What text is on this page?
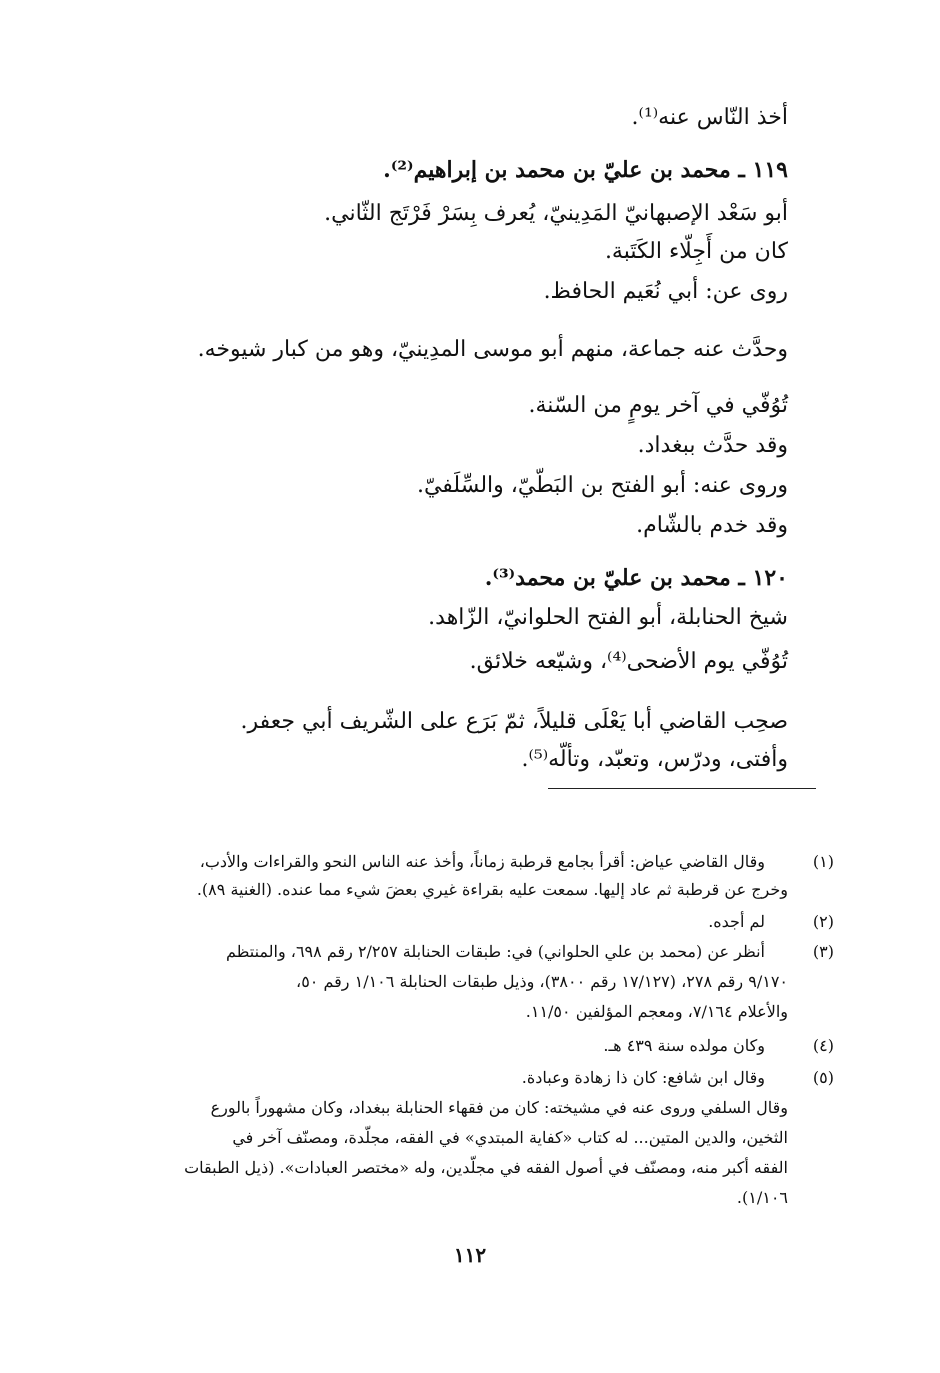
أخذ النّاس عنه⁽¹⁾.
١١٩ ـ محمد بن عليّ بن محمد بن إبراهيم⁽²⁾.
أبو سَعْد الإصبهانيّ المَدِينيّ، يُعرف بِسَرْ فَرْتَج الثّاني.
كان من أَجِلّاء الكَتَبة.
روى عن: أبي نُعَيم الحافظ.
وحدَّث عنه جماعة، منهم أبو موسى المدِينيّ، وهو من كبار شيوخه.
تُوُفّي في آخر يومٍ من السّنة.
وقد حدَّث ببغداد.
وروى عنه: أبو الفتح بن البَطّيّ، والسِّلَفيّ.
وقد خدم بالشّام.
١٢٠ ـ محمد بن عليّ بن محمد⁽³⁾.
شيخ الحنابلة، أبو الفتح الحلوانيّ، الزّاهد.
تُوُفّي يوم الأضحى⁽⁴⁾، وشيّعه خلائق.
صحِب القاضي أبا يَعْلَى قليلاً، ثمّ بَرَع على الشّريف أبي جعفر.
وأفتى، ودرّس، وتعبّد، وتألّه⁽⁵⁾.
(١)
وقال القاضي عياض: أقرأ بجامع قرطبة زماناً، وأخذ عنه الناس النحو والقراءات والأدب،
وخرج عن قرطبة ثم عاد إليها. سمعت عليه بقراءة غيري بعضَ شيء مما عنده. (الغنية ٨٩).
(٢)
لم أجده.
(٣)
أنظر عن (محمد بن علي الحلواني) في: طبقات الحنابلة ٢/٢٥٧ رقم ٦٩٨، والمنتظم
٩/١٧٠ رقم ٢٧٨، (١٧/١٢٧ رقم ٣٨٠٠)، وذيل طبقات الحنابلة ١/١٠٦ رقم ٥٠،
والأعلام ٧/١٦٤، ومعجم المؤلفين ١١/٥٠.
(٤)
وكان مولده سنة ٤٣٩ هـ.
(٥)
وقال ابن شافع: كان ذا زهادة وعبادة.
وقال السلفي وروى عنه في مشيخته: كان من فقهاء الحنابلة ببغداد، وكان مشهوراً بالورع
الثخين، والدين المتين... له كتاب «كفاية المبتدي» في الفقه، مجلّدة، ومصنّف آخر في
الفقه أكبر منه، ومصنّف في أصول الفقه في مجلّدين، وله «مختصر العبادات». (ذيل الطبقات
١/١٠٦).
١١٢
